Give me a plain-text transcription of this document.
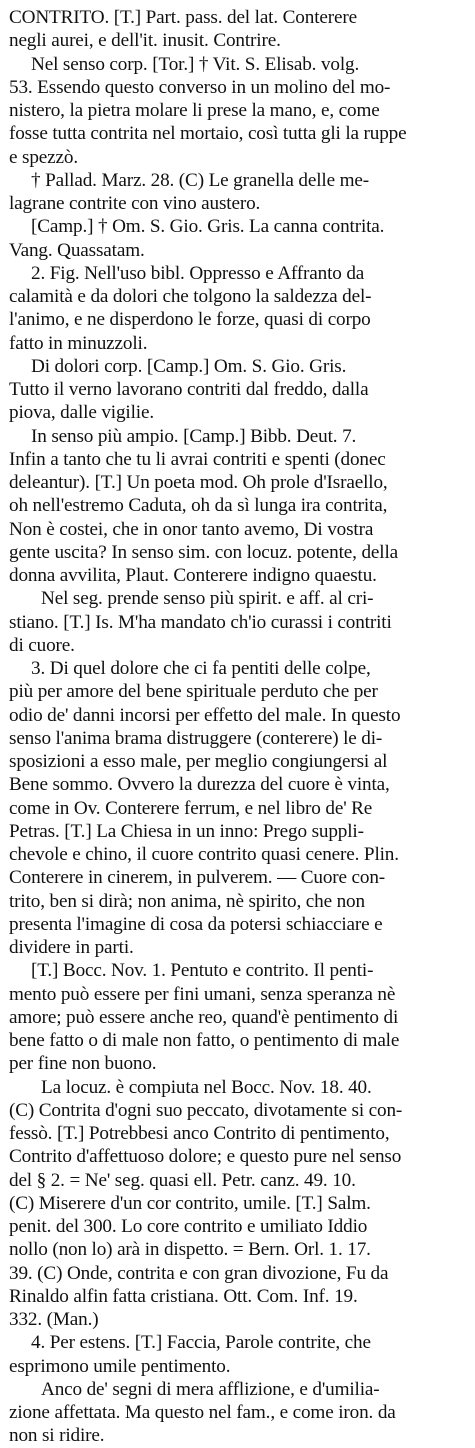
CONTRITO. [T.] Part. pass. del lat. Conterere
negli aurei, e dell'it. inusit. Contrire.
Nel senso corp. [Tor.] † Vit. S. Elisab. volg.
53. Essendo questo converso in un molino del mo-
nistero, la pietra molare li prese la mano, e, come
fosse tutta contrita nel mortaio, così tutta gli la ruppe
e spezzò.
† Pallad. Marz. 28. (C) Le granella delle me-
lagrane contrite con vino austero.
[Camp.] † Om. S. Gio. Gris. La canna contrita.
Vang. Quassatam.
2. Fig. Nell'uso bibl. Oppresso e Affranto da
calamità e da dolori che tolgono la saldezza del-
l'animo, e ne disperdono le forze, quasi di corpo
fatto in minuzzoli.
Di dolori corp. [Camp.] Om. S. Gio. Gris.
Tutto il verno lavorano contriti dal freddo, dalla
piova, dalle vigilie.
In senso più ampio. [Camp.] Bibb. Deut. 7.
Infin a tanto che tu li avrai contriti e spenti (donec
deleantur). [T.] Un poeta mod. Oh prole d'Israello,
oh nell'estremo Caduta, oh da sì lunga ira contrita,
Non è costei, che in onor tanto avemo, Di vostra
gente uscita? In senso sim. con locuz. potente, della
donna avvilita, Plaut. Conterere indigno quaestu.
Nel seg. prende senso più spirit. e aff. al cri-
stiano. [T.] Is. M'ha mandato ch'io curassi i contriti
di cuore.
3. Di quel dolore che ci fa pentiti delle colpe,
più per amore del bene spirituale perduto che per
odio de' danni incorsi per effetto del male. In questo
senso l'anima brama distruggere (conterere) le di-
sposizioni a esso male, per meglio congiungersi al
Bene sommo. Ovvero la durezza del cuore è vinta,
come in Ov. Conterere ferrum, e nel libro de' Re
Petras. [T.] La Chiesa in un inno: Prego suppli-
chevole e chino, il cuore contrito quasi cenere. Plin.
Conterere in cinerem, in pulverem. — Cuore con-
trito, ben si dirà; non anima, nè spirito, che non
presenta l'imagine di cosa da potersi schiacciare e
dividere in parti.
[T.] Bocc. Nov. 1. Pentuto e contrito. Il penti-
mento può essere per fini umani, senza speranza nè
amore; può essere anche reo, quand'è pentimento di
bene fatto o di male non fatto, o pentimento di male
per fine non buono.
La locuz. è compiuta nel Bocc. Nov. 18. 40.
(C) Contrita d'ogni suo peccato, divotamente si con-
fessò. [T.] Potrebbesi anco Contrito di pentimento,
Contrito d'affettuoso dolore; e questo pure nel senso
del § 2. = Ne' seg. quasi ell. Petr. canz. 49. 10.
(C) Miserere d'un cor contrito, umile. [T.] Salm.
penit. del 300. Lo core contrito e umiliato Iddio
nollo (non lo) arà in dispetto. = Bern. Orl. 1. 17.
39. (C) Onde, contrita e con gran divozione, Fu da
Rinaldo alfin fatta cristiana. Ott. Com. Inf. 19.
332. (Man.)
4. Per estens. [T.] Faccia, Parole contrite, che
esprimono umile pentimento.
Anco de' segni di mera afflizione, e d'umilia-
zione affettata. Ma questo nel fam., e come iron. da
non si ridire.
